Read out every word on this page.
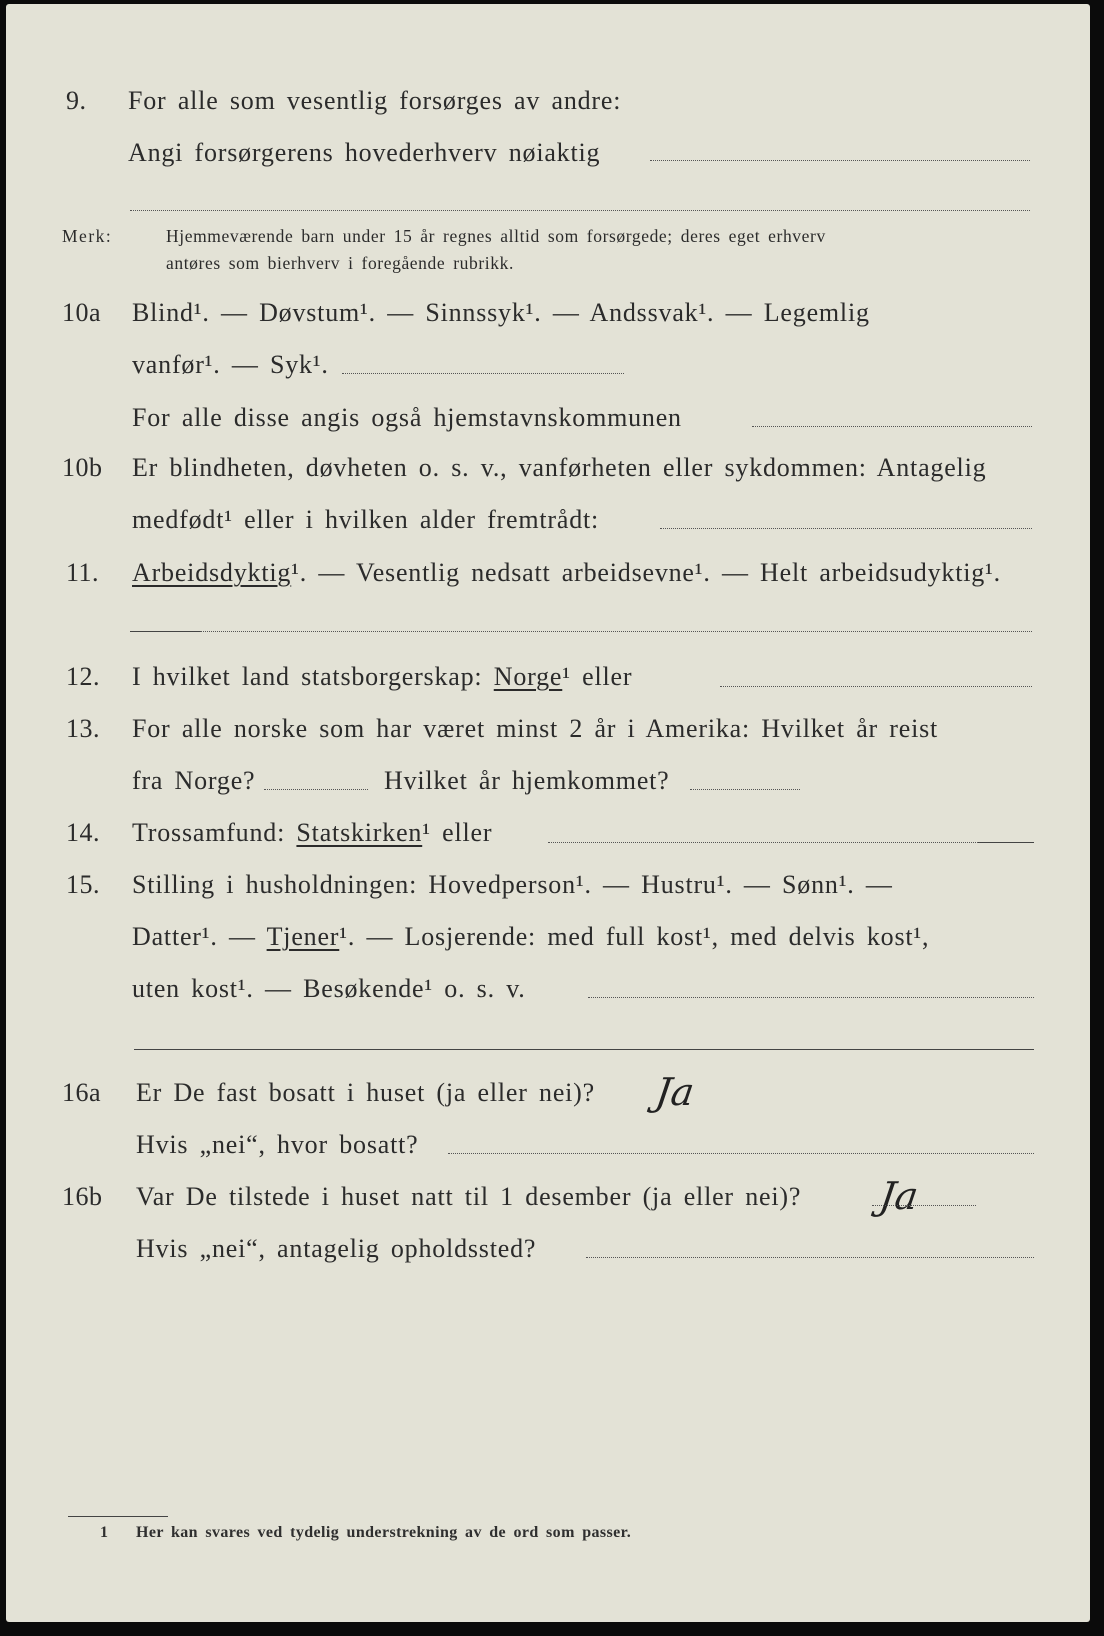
9. For alle som vesentlig forsørges av andre:
Angi forsørgerens hovederhverv nøiaktig
Merk:	Hjemmeværende barn under 15 år regnes alltid som forsørgede; deres eget erhverv
antøres som bierhverv i foregående rubrikk.
10a Blind¹. — Døvstum¹. — Sinnssyk¹. — Andssvak¹. — Legemlig
vanfør¹. — Syk¹.
For alle disse angis også hjemstavnskommunen
10b Er blindheten, døvheten o. s. v., vanførheten eller sykdommen: Antagelig
medfødt¹ eller i hvilken alder fremtrådt:
11. Arbeidsdyktig¹. — Vesentlig nedsatt arbeidsevne¹. — Helt arbeidsudyktig¹.
12. I hvilket land statsborgerskap: Norge¹ eller
13. For alle norske som har været minst 2 år i Amerika: Hvilket år reist
fra Norge?	Hvilket år hjemkommet?
14. Trossamfund: Statskirken¹ eller
15. Stilling i husholdningen: Hovedperson¹. — Hustru¹. — Sønn¹. —
Datter¹. — Tjener¹. — Losjerende: med full kost¹, med delvis kost¹,
uten kost¹. — Besøkende¹ o. s. v.
16a Er De fast bosatt i huset (ja eller nei)? Ja
Hvis „nei“, hvor bosatt?
16b Var De tilstede i huset natt til 1 desember (ja eller nei)? Ja
Hvis „nei“, antagelig opholdssted?
1 Her kan svares ved tydelig understrekning av de ord som passer.
